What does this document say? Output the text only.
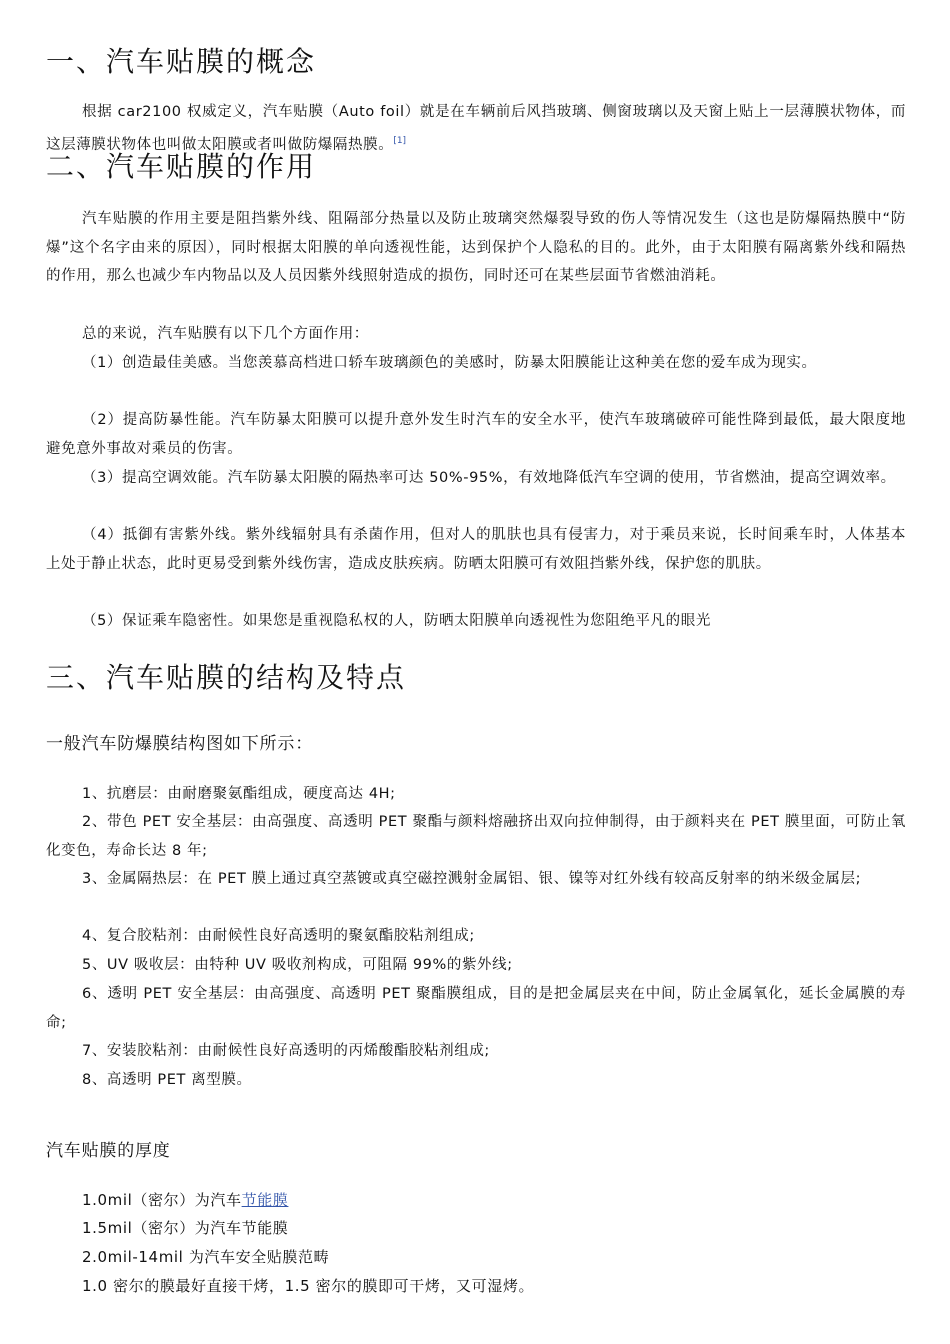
一、汽车贴膜的概念

根据 car2100 权威定义，汽车贴膜（Auto foil）就是在车辆前后风挡玻璃、侧窗玻璃以及天窗上贴上一层薄膜状物体，而这层薄膜状物体也叫做太阳膜或者叫做防爆隔热膜。[1]

二、汽车贴膜的作用

汽车贴膜的作用主要是阻挡紫外线、阻隔部分热量以及防止玻璃突然爆裂导致的伤人等情况发生（这也是防爆隔热膜中“防爆”这个名字由来的原因），同时根据太阳膜的单向透视性能，达到保护个人隐私的目的。此外，由于太阳膜有隔离紫外线和隔热的作用，那么也减少车内物品以及人员因紫外线照射造成的损伤，同时还可在某些层面节省燃油消耗。

总的来说，汽车贴膜有以下几个方面作用：

（1）创造最佳美感。当您羡慕高档进口轿车玻璃颜色的美感时，防暴太阳膜能让这种美在您的爱车成为现实。

（2）提高防暴性能。汽车防暴太阳膜可以提升意外发生时汽车的安全水平，使汽车玻璃破碎可能性降到最低，最大限度地避免意外事故对乘员的伤害。

（3）提高空调效能。汽车防暴太阳膜的隔热率可达 50%-95%，有效地降低汽车空调的使用，节省燃油，提高空调效率。

（4）抵御有害紫外线。紫外线辐射具有杀菌作用，但对人的肌肤也具有侵害力，对于乘员来说，长时间乘车时，人体基本上处于静止状态，此时更易受到紫外线伤害，造成皮肤疾病。防晒太阳膜可有效阻挡紫外线，保护您的肌肤。

（5）保证乘车隐密性。如果您是重视隐私权的人，防晒太阳膜单向透视性为您阻绝平凡的眼光

三、汽车贴膜的结构及特点

一般汽车防爆膜结构图如下所示：

1、抗磨层：由耐磨聚氨酯组成，硬度高达 4H;

2、带色 PET 安全基层：由高强度、高透明 PET 聚酯与颜料熔融挤出双向拉伸制得，由于颜料夹在 PET 膜里面，可防止氧化变色，寿命长达 8 年;

3、金属隔热层：在 PET 膜上通过真空蒸镀或真空磁控溅射金属铝、银、镍等对红外线有较高反射率的纳米级金属层;

4、复合胶粘剂：由耐候性良好高透明的聚氨酯胶粘剂组成;

5、UV 吸收层：由特种 UV 吸收剂构成，可阻隔 99%的紫外线;

6、透明 PET 安全基层：由高强度、高透明 PET 聚酯膜组成，目的是把金属层夹在中间，防止金属氧化，延长金属膜的寿命;

7、安装胶粘剂：由耐候性良好高透明的丙烯酸酯胶粘剂组成;

8、高透明 PET 离型膜。

汽车贴膜的厚度

1.0mil（密尔）为汽车节能膜

1.5mil（密尔）为汽车节能膜

2.0mil-14mil 为汽车安全贴膜范畴

1.0 密尔的膜最好直接干烤，1.5 密尔的膜即可干烤，又可湿烤。
